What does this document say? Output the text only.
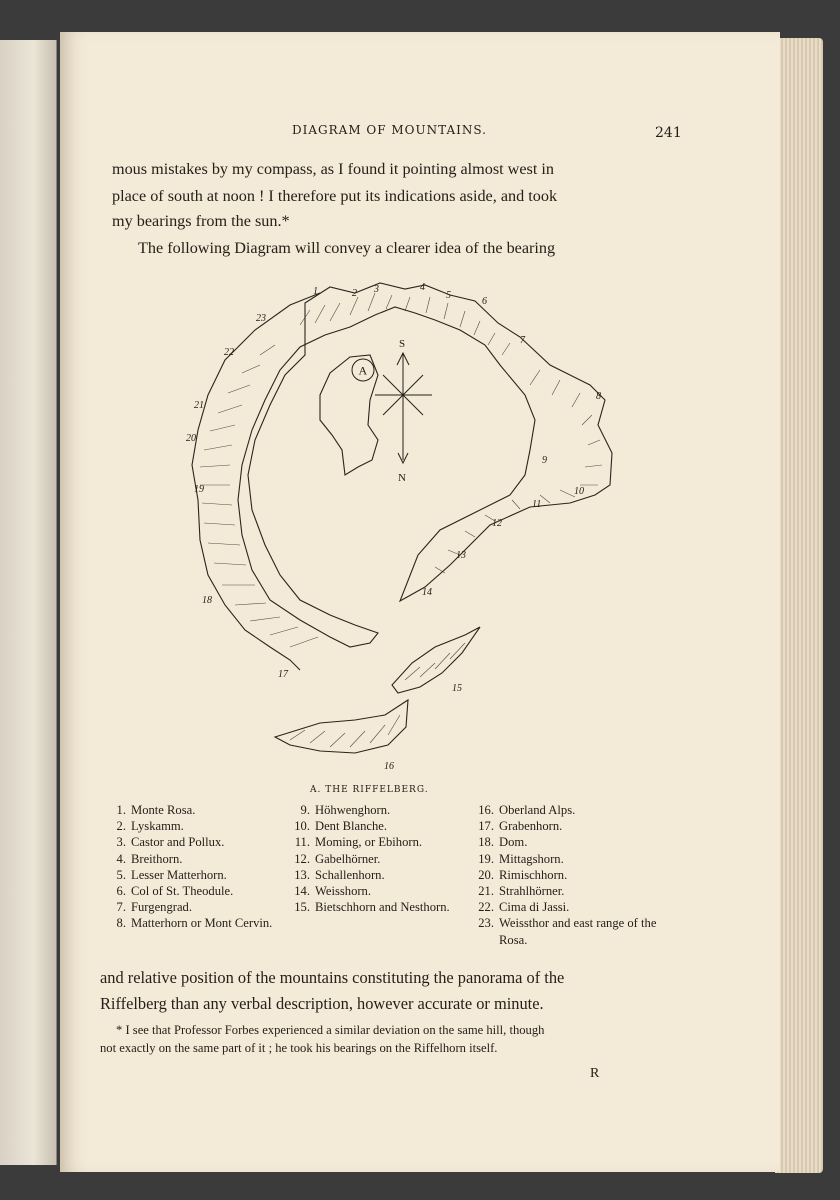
DIAGRAM OF MOUNTAINS.	241
mous mistakes by my compass, as I found it pointing almost west in
place of south at noon ! I therefore put its indications aside, and took
my bearings from the sun.*
The following Diagram will convey a clearer idea of the bearing
A
S
N
1	2 3	4
5
6
7
8
9
10
11
12
13
14
15
16
17
18
19
20
21
22
23
A. THE RIFFELBERG.
1. Monte Rosa.
2. Lyskamm.
3. Castor and Pollux.
4. Breithorn.
5. Lesser Matterhorn.
6. Col of St. Theodule.
7. Furgengrad.
8. Matterhorn or Mont Cervin.
9. Höhwenghorn.
10. Dent Blanche.
11. Moming, or Ebihorn.
12. Gabelhörner.
13. Schallenhorn.
14. Weisshorn.
15. Bietschhorn and Nesthorn.
16. Oberland Alps.
17. Grabenhorn.
18. Dom.
19. Mittagshorn.
20. Rimischhorn.
21. Strahlhörner.
22. Cima di Jassi.
23. Weissthor and east range of the Rosa.
and relative position of the mountains constituting the panorama of the
Riffelberg than any verbal description, however accurate or minute.
* I see that Professor Forbes experienced a similar deviation on the same hill, though
not exactly on the same part of it ; he took his bearings on the Riffelhorn itself.
R
